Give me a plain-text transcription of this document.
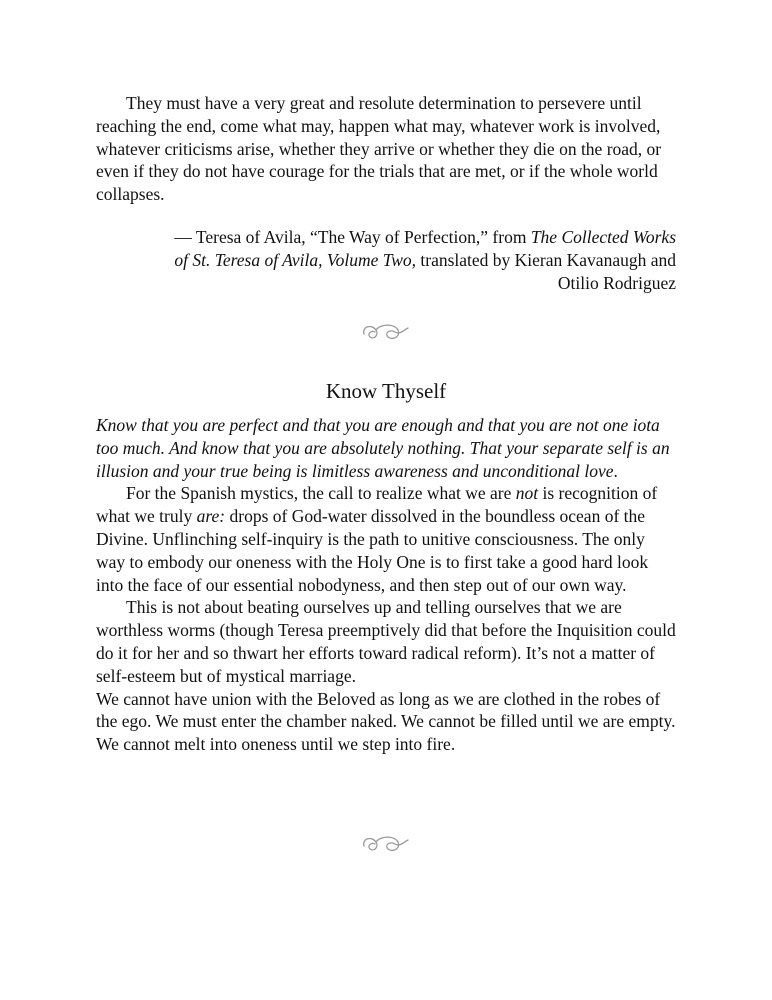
They must have a very great and resolute determination to persevere until reaching the end, come what may, happen what may, whatever work is involved, whatever criticisms arise, whether they arrive or whether they die on the road, or even if they do not have courage for the trials that are met, or if the whole world collapses.

— Teresa of Avila, “The Way of Perfection,” from The Collected Works
of St. Teresa of Avila, Volume Two, translated by Kieran Kavanaugh and
Otilio Rodriguez
Know Thyself

Know that you are perfect and that you are enough and that you are not one iota too much. And know that you are absolutely nothing. That your separate self is an illusion and your true being is limitless awareness and unconditional love.

For the Spanish mystics, the call to realize what we are not is recognition of what we truly are: drops of God-water dissolved in the boundless ocean of the Divine. Unflinching self-inquiry is the path to unitive consciousness. The only way to embody our oneness with the Holy One is to first take a good hard look into the face of our essential nobodyness, and then step out of our own way.

This is not about beating ourselves up and telling ourselves that we are worthless worms (though Teresa preemptively did that before the Inquisition could do it for her and so thwart her efforts toward radical reform). It’s not a matter of self-esteem but of mystical marriage.

We cannot have union with the Beloved as long as we are clothed in the robes of the ego. We must enter the chamber naked. We cannot be filled until we are empty. We cannot melt into oneness until we step into fire.
